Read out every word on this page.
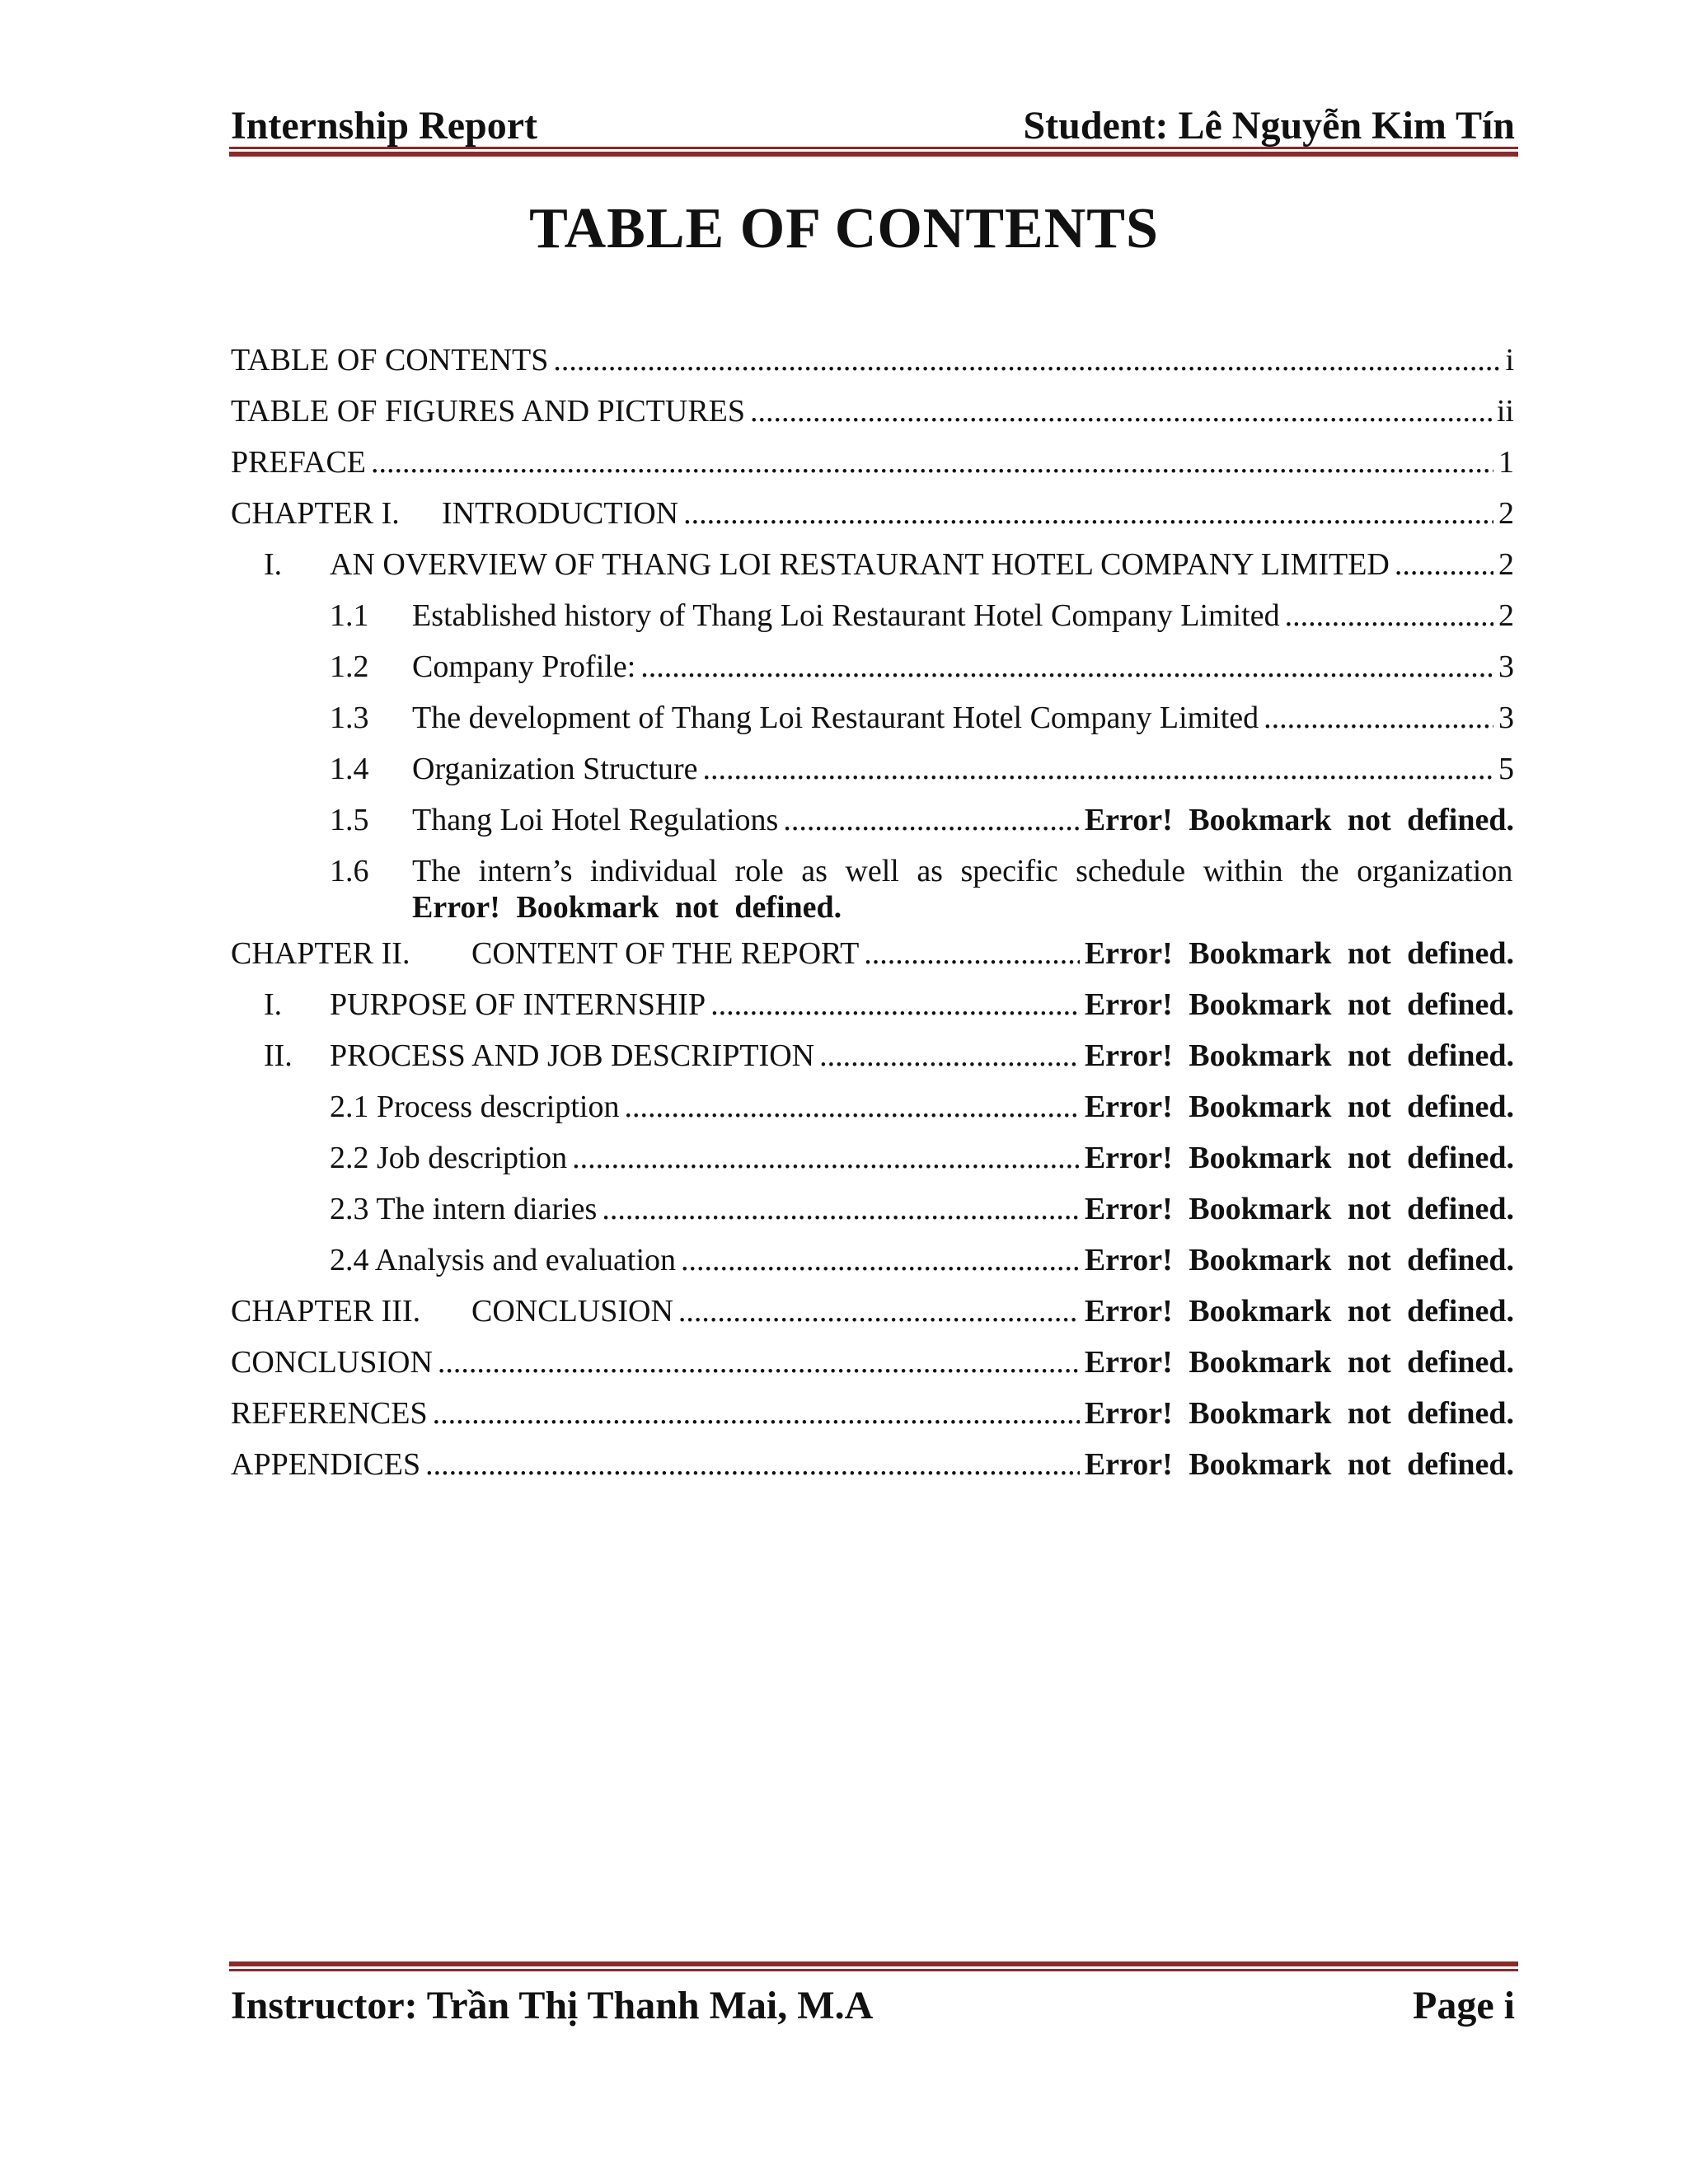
Internship Report	Student: Lê Nguyễn Kim Tín
TABLE OF CONTENTS
TABLE OF CONTENTS .....	i
TABLE OF FIGURES AND PICTURES .....	ii
PREFACE .....	1
CHAPTER I.	INTRODUCTION .....	2
I.	AN OVERVIEW OF THANG LOI RESTAURANT HOTEL COMPANY LIMITED .....	2
1.1	Established history of Thang Loi Restaurant Hotel Company Limited .....	2
1.2	Company Profile: .....	3
1.3	The development of Thang Loi Restaurant Hotel Company Limited .....	3
1.4	Organization Structure .....	5
1.5	Thang Loi Hotel Regulations .....	Error! Bookmark not defined.
1.6	The intern’s individual role as well as specific schedule within the organization
Error! Bookmark not defined.
CHAPTER II.	CONTENT OF THE REPORT .....	Error! Bookmark not defined.
I.	PURPOSE OF INTERNSHIP .....	Error! Bookmark not defined.
II.	PROCESS AND JOB DESCRIPTION .....	Error! Bookmark not defined.
2.1 Process description .....	Error! Bookmark not defined.
2.2 Job description .....	Error! Bookmark not defined.
2.3 The intern diaries .....	Error! Bookmark not defined.
2.4 Analysis and evaluation .....	Error! Bookmark not defined.
CHAPTER III.	CONCLUSION .....	Error! Bookmark not defined.
CONCLUSION .....	Error! Bookmark not defined.
REFERENCES .....	Error! Bookmark not defined.
APPENDICES .....	Error! Bookmark not defined.
Instructor: Trần Thị Thanh Mai, M.A	Page i
